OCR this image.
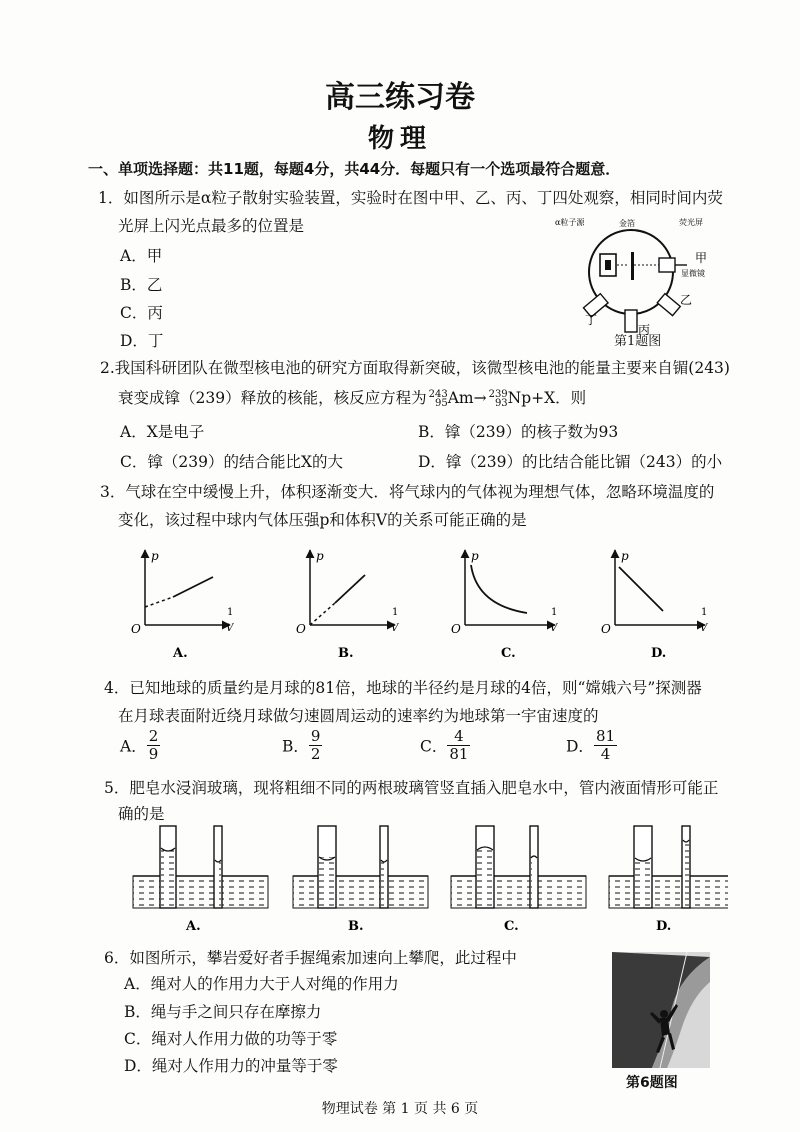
高三练习卷
物理
一、单项选择题：共11题，每题4分，共44分．每题只有一个选项最符合题意．
1．如图所示是α粒子散射实验装置，实验时在图中甲、乙、丙、丁四处观察，相同时间内荧
光屏上闪光点最多的位置是
A．甲
B．乙
C．丙
D．丁
α粒子源	金箔	荧光屏
显微镜
甲
乙
丙
丁
第1题图
2.我国科研团队在微型核电池的研究方面取得新突破，该微型核电池的能量主要来自镅(243)
衰变成镎（239）释放的核能，核反应方程为 243
95 Am→ 239
93 Np+X．则
A．X是电子	B．镎（239）的核子数为93
C．镎（239）的结合能比X的大	D．镎（239）的比结合能比镅（243）的小
3．气球在空中缓慢上升，体积逐渐变大．将气球内的气体视为理想气体，忽略环境温度的
变化，该过程中球内气体压强p和体积V的关系可能正确的是
p
O
1
V
A.
p
O
1
V
B.
p
O
1
V
C.
p
O
1
V
D.
4．已知地球的质量约是月球的81倍，地球的半径约是月球的4倍，则“嫦娥六号”探测器
在月球表面附近绕月球做匀速圆周运动的速率约为地球第一宇宙速度的
A． $\frac{2}{9}$	B． $\frac{9}{2}$	C． $\frac{4}{81}$	D． $\frac{81}{4}$
5．肥皂水浸润玻璃，现将粗细不同的两根玻璃管竖直插入肥皂水中，管内液面情形可能正
确的是
A.	B.	C.	D.
6．如图所示，攀岩爱好者手握绳索加速向上攀爬，此过程中
A．绳对人的作用力大于人对绳的作用力
B．绳与手之间只存在摩擦力
C．绳对人作用力做的功等于零
D．绳对人作用力的冲量等于零
第6题图
物理试卷 第 1 页 共 6 页
